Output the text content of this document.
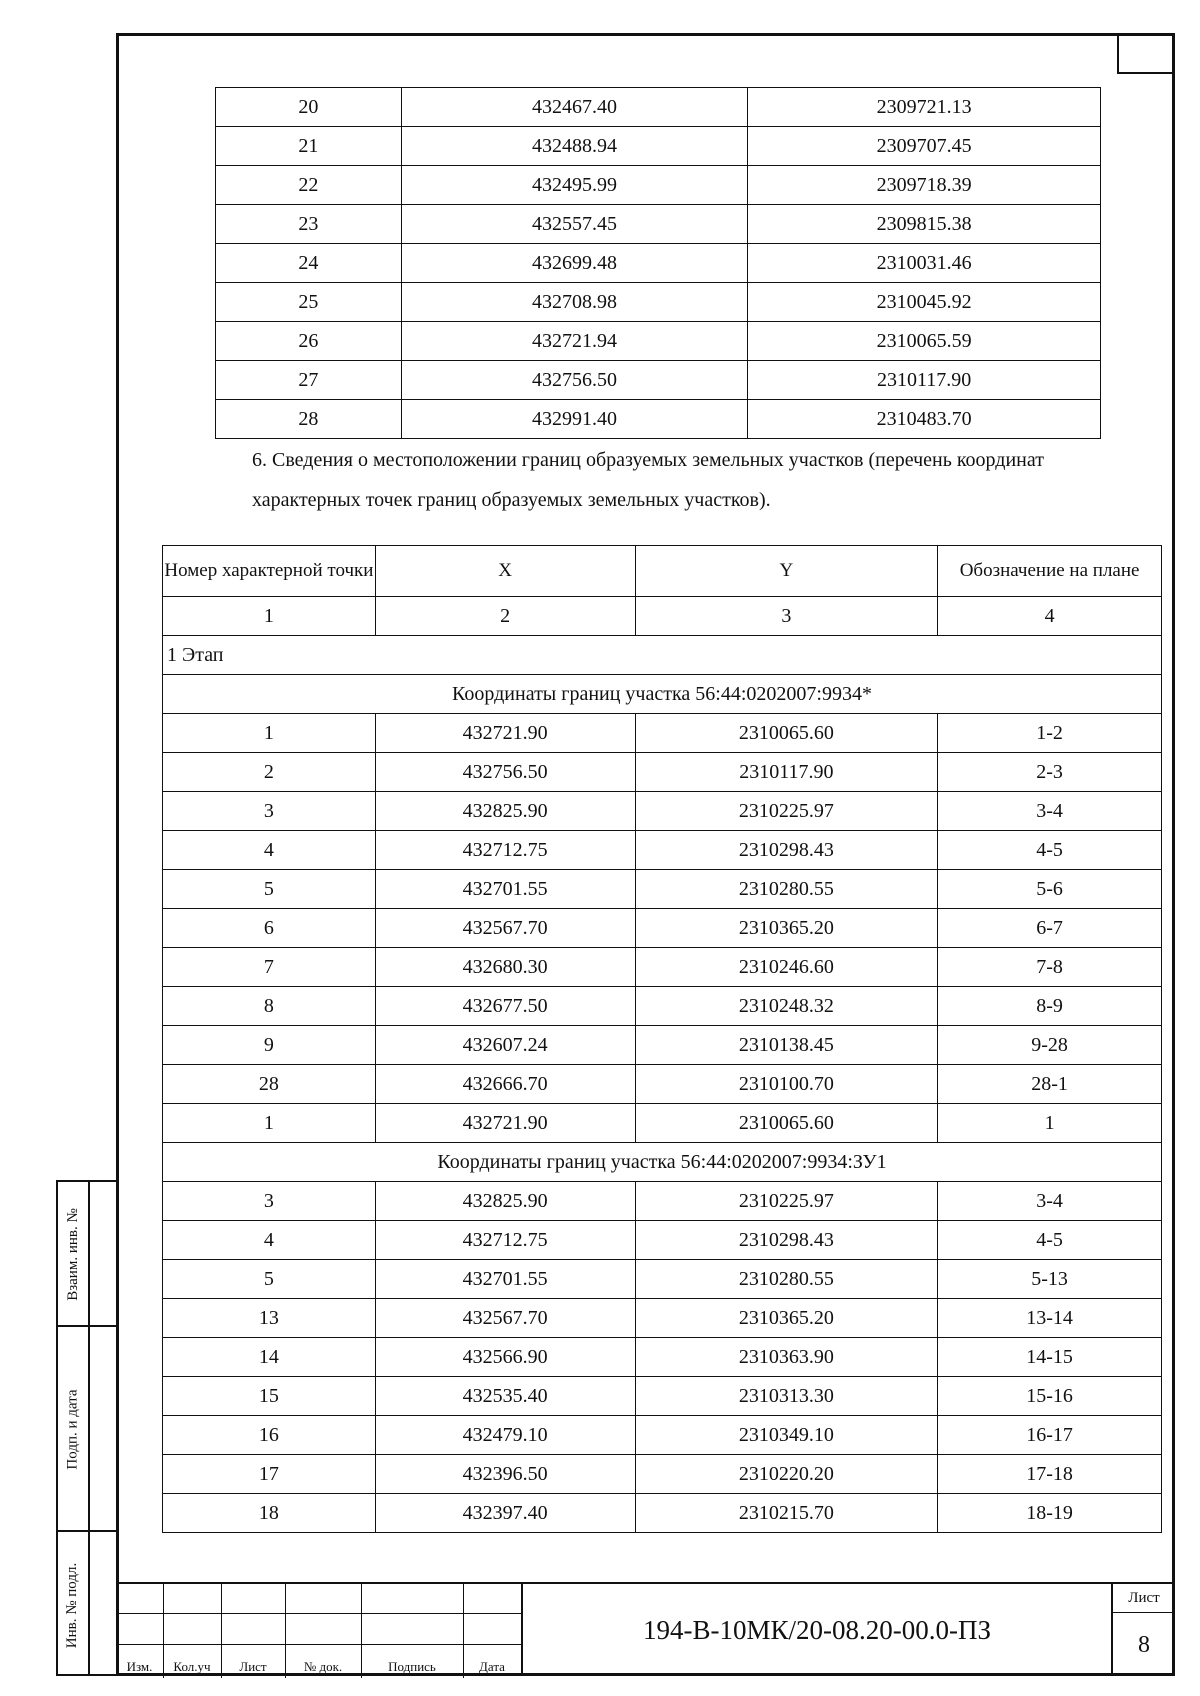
20	432467.40	2309721.13
21	432488.94	2309707.45
22	432495.99	2309718.39
23	432557.45	2309815.38
24	432699.48	2310031.46
25	432708.98	2310045.92
26	432721.94	2310065.59
27	432756.50	2310117.90
28	432991.40	2310483.70
6. Сведения о местоположении границ образуемых земельных участков (перечень координат
характерных точек границ образуемых земельных участков).
Номер характерной точки	X	Y	Обозначение на плане
1	2	3	4
1 Этап			
Координаты границ участка 56:44:0202007:9934*			
1	432721.90	2310065.60	1-2
2	432756.50	2310117.90	2-3
3	432825.90	2310225.97	3-4
4	432712.75	2310298.43	4-5
5	432701.55	2310280.55	5-6
6	432567.70	2310365.20	6-7
7	432680.30	2310246.60	7-8
8	432677.50	2310248.32	8-9
9	432607.24	2310138.45	9-28
28	432666.70	2310100.70	28-1
1	432721.90	2310065.60	1
Координаты границ участка 56:44:0202007:9934:ЗУ1			
3	432825.90	2310225.97	3-4
4	432712.75	2310298.43	4-5
5	432701.55	2310280.55	5-13
13	432567.70	2310365.20	13-14
14	432566.90	2310363.90	14-15
15	432535.40	2310313.30	15-16
16	432479.10	2310349.10	16-17
17	432396.50	2310220.20	17-18
18	432397.40	2310215.70	18-19
Взаим. инв. №
Подп. и дата
Инв. № подл.
Изм.	Кол.уч	Лист	№ док.	Подпись	Дата
194-В-10МК/20-08.20-00.0-ПЗ
Лист
8
